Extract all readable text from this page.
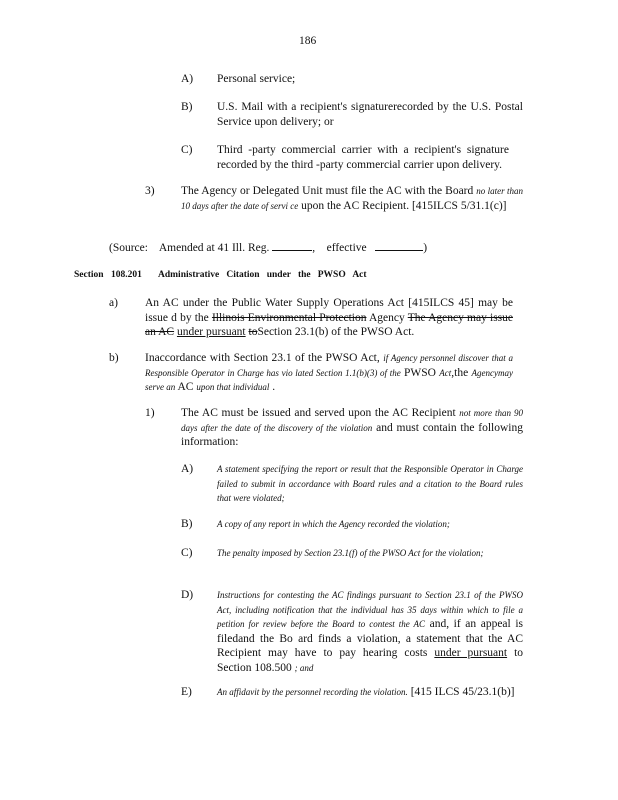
186
A) Personal service;
B) U.S. Mail with a recipient's signaturerecorded by the U.S. Postal Service upon delivery; or
C) Third -party commercial carrier with a recipient's signature recorded by the third -party commercial carrier upon delivery.
3) The Agency or Delegated Unit must file the AC with the Board no later than 10 days after the date of servi ce upon the AC Recipient. [415ILCS 5/31.1(c)]
(Source: Amended at 41 Ill. Reg.	, effective	)
Section 108.201 Administrative   Citation   under   the   PWSO   Act
a) An AC under the Public Water Supply Operations Act [415ILCS 45] may be issue d by the Illinois Environmental Protection Agency The Agency may issue an AC under pursuant toSection 23.1(b) of the PWSO Act.
b) Inaccordance with Section 23.1 of the PWSO Act, if Agency personnel discover that a Responsible Operator in Charge has vio lated Section 1.1(b)(3) of the PWSO Act,the Agencymay serve an AC upon that individual .
1) The AC must be issued and served upon the AC Recipient not more than 90 days after the date of the discovery of the violation and must contain the following information:
A)	A statement specifying the report or result that the Responsible Operator in Charge failed to submit in accordance with Board rules and a citation to the Board rules that were violated;
B)	A copy of any report in which the Agency recorded the violation;
C)	The penalty imposed by Section 23.1(f) of the PWSO Act for the violation;
D)	Instructions for contesting the AC findings pursuant to Section 23.1 of the PWSO Act, including notification that the individual has 35 days within which to file a petition for review before the Board to contest the AC and, if an appeal is filedand the Bo ard finds a violation, a statement that the AC Recipient may have to pay hearing costs under pursuant to Section 108.500 ; and
E)	An affidavit by the personnel recording the violation. [415 ILCS 45/23.1(b)]
